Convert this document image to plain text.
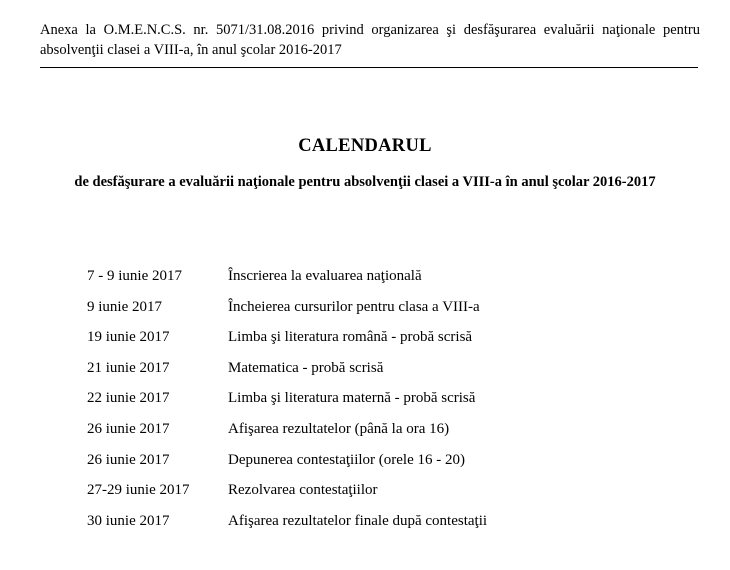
Anexa la O.M.E.N.C.S. nr. 5071/31.08.2016 privind organizarea şi desfăşurarea evaluării naţionale pentru
absolvenţii clasei a VIII-a, în anul şcolar 2016-2017
CALENDARUL
de desfăşurare a evaluării naţionale pentru absolvenţii clasei a VIII-a în anul şcolar 2016-2017
7 - 9 iunie 2017	Înscrierea la evaluarea naţională
9 iunie 2017	Încheierea cursurilor pentru clasa a VIII-a
19 iunie 2017	Limba şi literatura română - probă scrisă
21 iunie 2017	Matematica - probă scrisă
22 iunie 2017	Limba şi literatura maternă - probă scrisă
26 iunie 2017	Afişarea rezultatelor (până la ora 16)
26 iunie 2017	Depunerea contestaţiilor (orele 16 - 20)
27-29 iunie 2017	Rezolvarea contestaţiilor
30 iunie 2017	Afişarea rezultatelor finale după contestaţii
